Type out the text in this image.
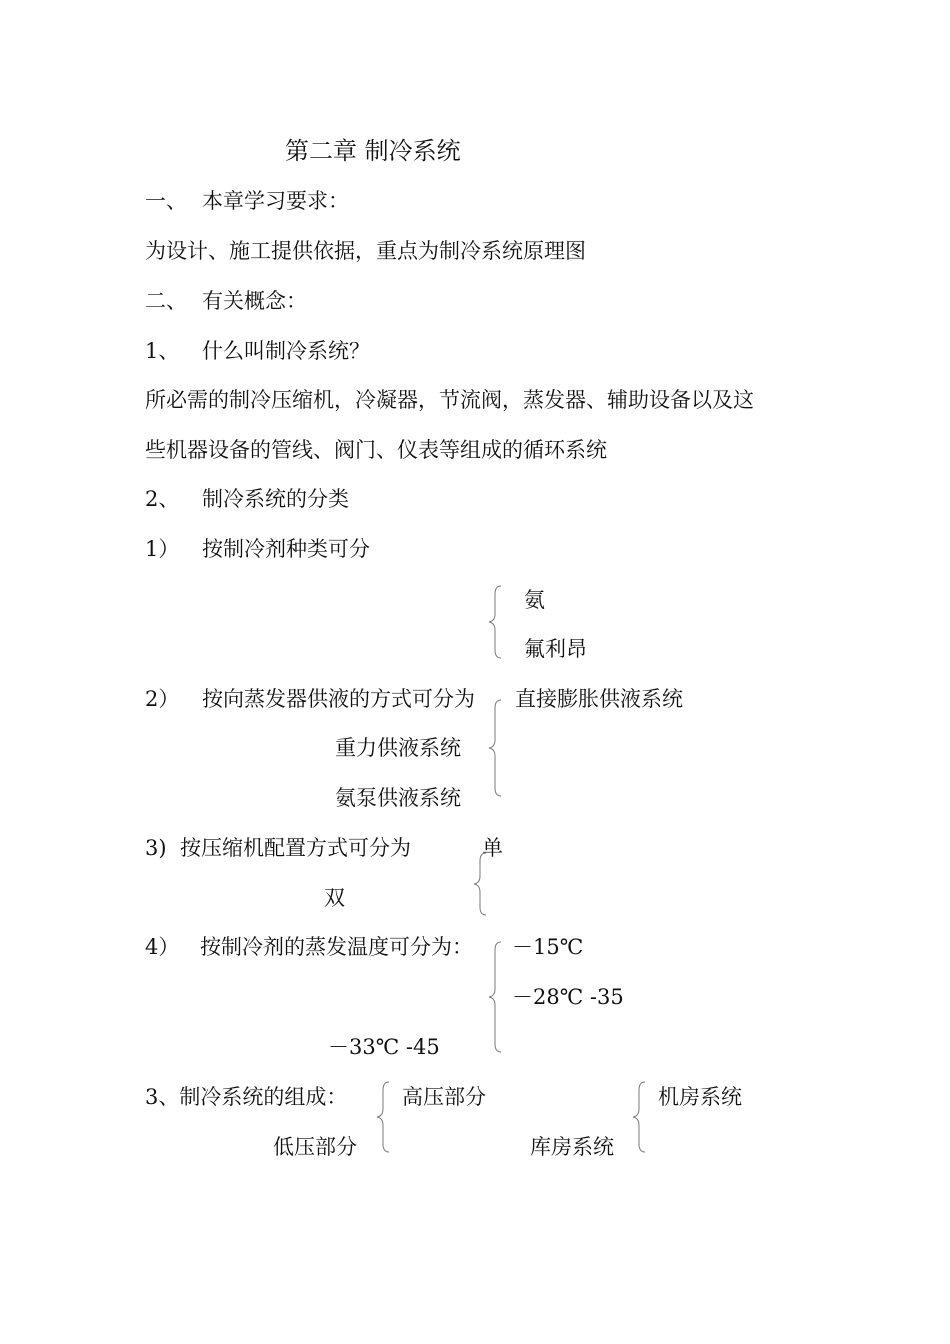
第二章 制冷系统
一、 本章学习要求：
为设计、施工提供依据，重点为制冷系统原理图
二、 有关概念：
1、 什么叫制冷系统？
所必需的制冷压缩机，冷凝器，节流阀，蒸发器、辅助设备以及这
些机器设备的管线、阀门、仪表等组成的循环系统
2、 制冷系统的分类
1） 按制冷剂种类可分
氨
氟利昂
2） 按向蒸发器供液的方式可分为 直接膨胀供液系统
重力供液系统
氨泵供液系统
3) 按压缩机配置方式可分为	单
双
4） 按制冷剂的蒸发温度可分为： －15℃
－28℃ -35
－33℃ -45
3、制冷系统的组成：	高压部分
低压部分
机房系统
库房系统
